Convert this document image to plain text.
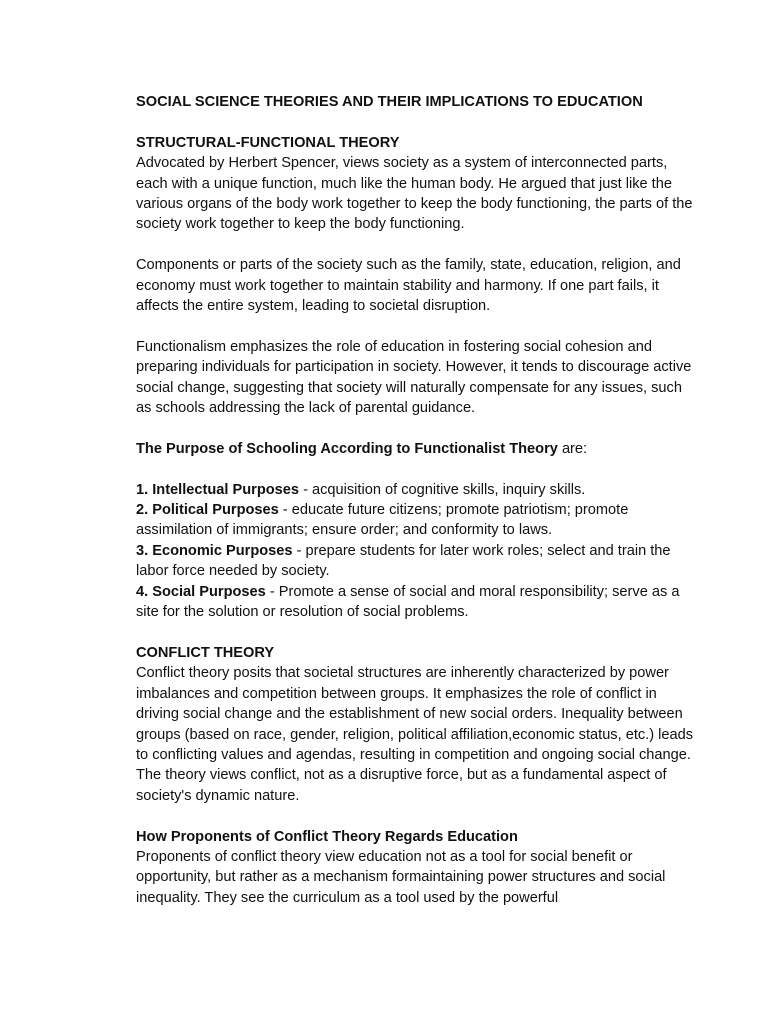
SOCIAL SCIENCE THEORIES AND THEIR IMPLICATIONS TO EDUCATION

STRUCTURAL-FUNCTIONAL THEORY

Advocated by Herbert Spencer, views society as a system of interconnected parts, each with a unique function, much like the human body. He argued that just like the various organs of the body work together to keep the body functioning, the parts of the society work together to keep the body functioning.

Components or parts of the society such as the family, state, education, religion, and economy must work together to maintain stability and harmony. If one part fails, it affects the entire system, leading to societal disruption.

Functionalism emphasizes the role of education in fostering social cohesion and preparing individuals for participation in society. However, it tends to discourage active social change, suggesting that society will naturally compensate for any issues, such as schools addressing the lack of parental guidance.

The Purpose of Schooling According to Functionalist Theory are:

1. Intellectual Purposes - acquisition of cognitive skills, inquiry skills.

2. Political Purposes - educate future citizens; promote patriotism; promote assimilation of immigrants; ensure order; and conformity to laws.

3. Economic Purposes - prepare students for later work roles; select and train the labor force needed by society.

4. Social Purposes - Promote a sense of social and moral responsibility; serve as a site for the solution or resolution of social problems.

CONFLICT THEORY

Conflict theory posits that societal structures are inherently characterized by power imbalances and competition between groups. It emphasizes the role of conflict in driving social change and the establishment of new social orders. Inequality between groups (based on race, gender, religion, political affiliation,economic status, etc.) leads to conflicting values and agendas, resulting in competition and ongoing social change. The theory views conflict, not as a disruptive force, but as a fundamental aspect of society's dynamic nature.

How Proponents of Conflict Theory Regards Education

Proponents of conflict theory view education not as a tool for social benefit or opportunity, but rather as a mechanism formaintaining power structures and social inequality. They see the curriculum as a tool used by the powerful
